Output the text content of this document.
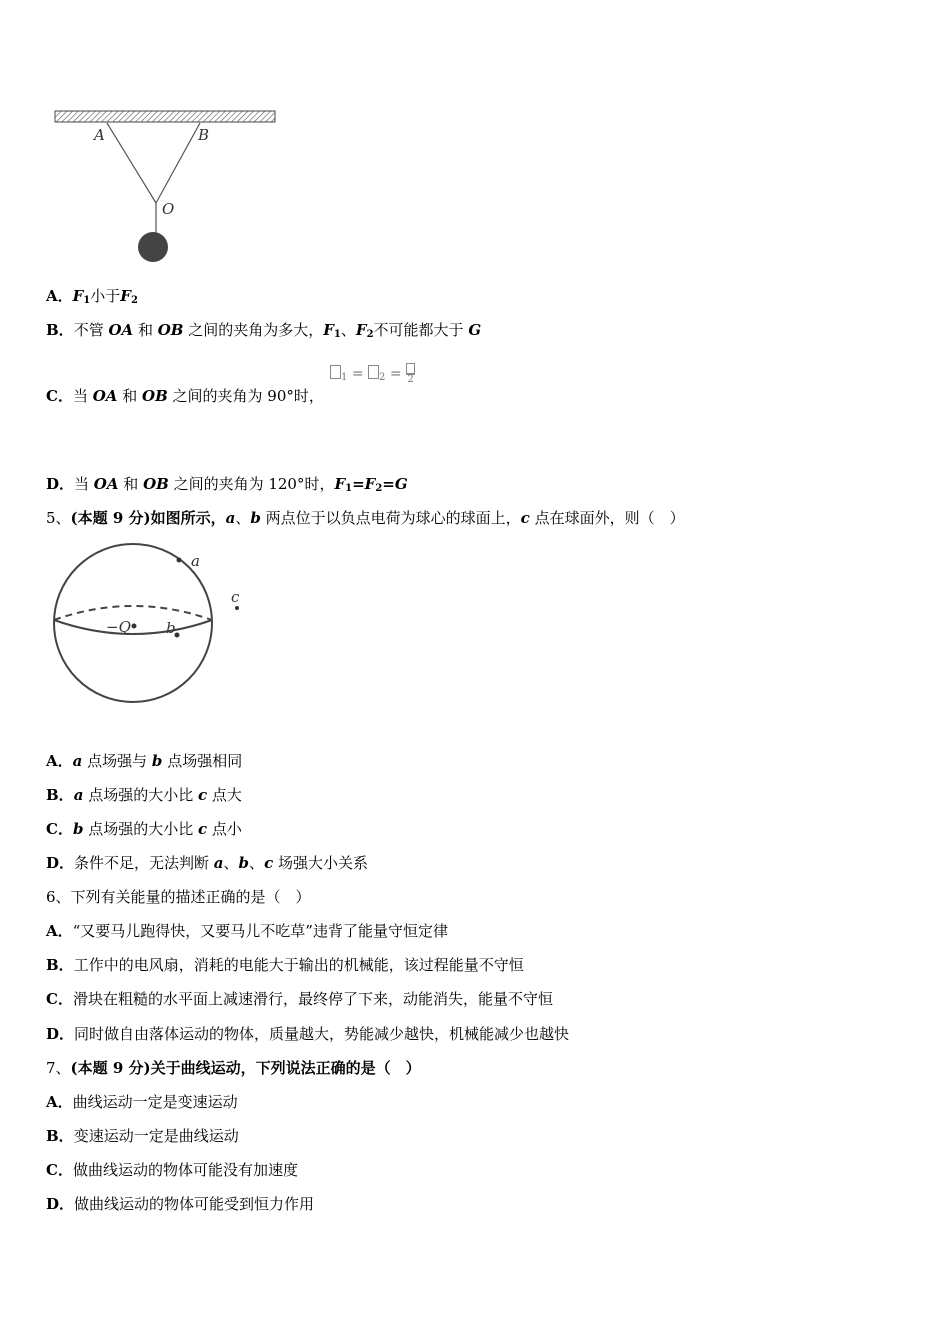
A	B
O
A．$F_1$小于$F_2$
B．不管 OA 和 OB 之间的夹角为多大，$F_1$、$F_2$不可能都大于 G
C．当 OA 和 OB 之间的夹角为 90°时，
$_1$ = $_2$ = 2
D．当 OA 和 OB 之间的夹角为 120°时，$F_1=F_2=G$
5、(本题 9 分)如图所示，a、b 两点位于以负点电荷为球心的球面上，c 点在球面外，则（　）
a
−Q b
c
A．a 点场强与 b 点场强相同
B．a 点场强的大小比 c 点大
C．b 点场强的大小比 c 点小
D．条件不足，无法判断 a、b、c 场强大小关系
6、下列有关能量的描述正确的是（　）
A．“又要马儿跑得快，又要马儿不吃草”违背了能量守恒定律
B．工作中的电风扇，消耗的电能大于输出的机械能，该过程能量不守恒
C．滑块在粗糙的水平面上减速滑行，最终停了下来，动能消失，能量不守恒
D．同时做自由落体运动的物体，质量越大，势能减少越快，机械能减少也越快
7、(本题 9 分)关于曲线运动，下列说法正确的是（　）
A．曲线运动一定是变速运动
B．变速运动一定是曲线运动
C．做曲线运动的物体可能没有加速度
D．做曲线运动的物体可能受到恒力作用
